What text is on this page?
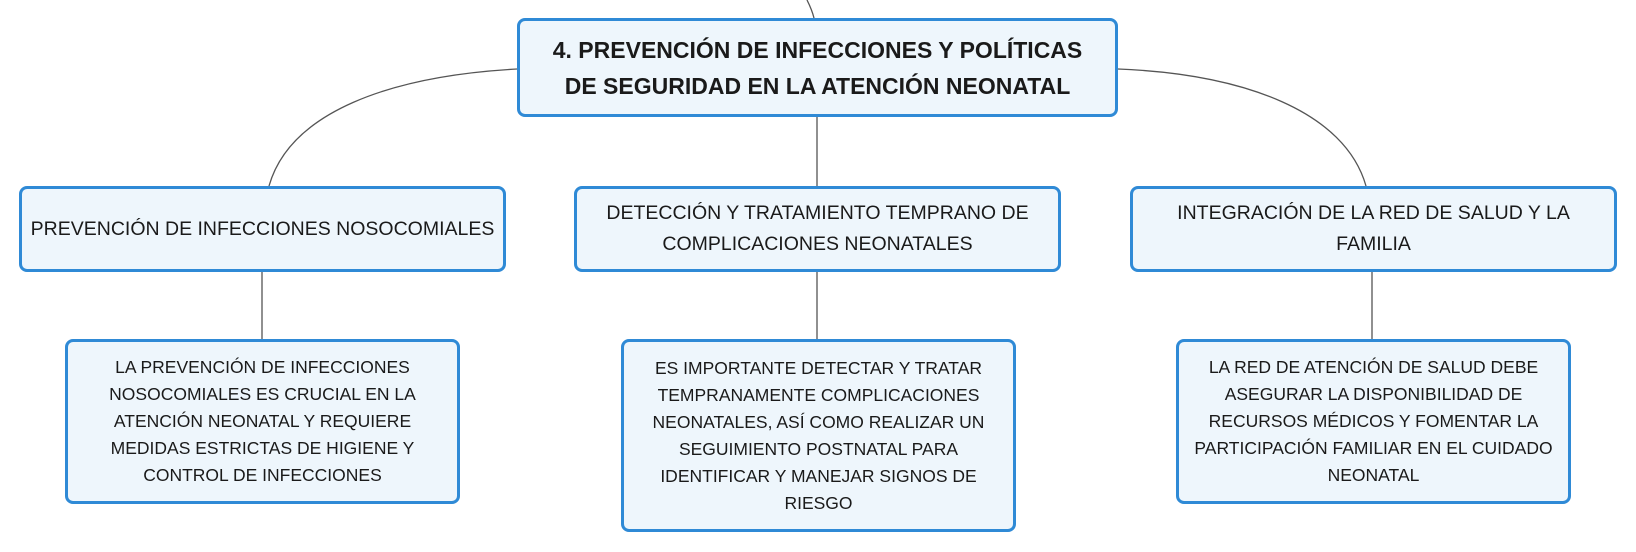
4. PREVENCIÓN DE INFECCIONES Y POLÍTICAS DE SEGURIDAD EN LA ATENCIÓN NEONATAL
PREVENCIÓN DE INFECCIONES NOSOCOMIALES
DETECCIÓN Y TRATAMIENTO TEMPRANO DE COMPLICACIONES NEONATALES
INTEGRACIÓN DE LA RED DE SALUD Y LA FAMILIA
LA PREVENCIÓN DE INFECCIONES NOSOCOMIALES ES CRUCIAL EN LA ATENCIÓN NEONATAL Y REQUIERE MEDIDAS ESTRICTAS DE HIGIENE Y CONTROL DE INFECCIONES
ES IMPORTANTE DETECTAR Y TRATAR TEMPRANAMENTE COMPLICACIONES NEONATALES, ASÍ COMO REALIZAR UN SEGUIMIENTO POSTNATAL PARA IDENTIFICAR Y MANEJAR SIGNOS DE RIESGO
LA RED DE ATENCIÓN DE SALUD DEBE ASEGURAR LA DISPONIBILIDAD DE RECURSOS MÉDICOS Y FOMENTAR LA PARTICIPACIÓN FAMILIAR EN EL CUIDADO NEONATAL
